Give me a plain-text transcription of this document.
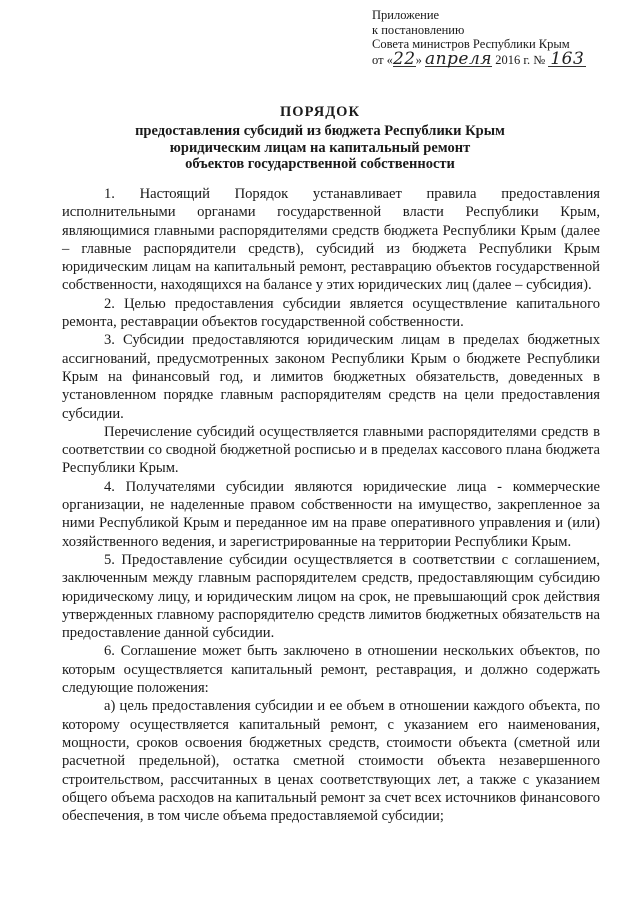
Приложение
к постановлению
Совета министров Республики Крым
от «22» апреля 2016 г. № 163
ПОРЯДОК
предоставления субсидий из бюджета Республики Крым
юридическим лицам на капитальный ремонт
объектов государственной собственности

1. Настоящий Порядок устанавливает правила предоставления исполнительными органами государственной власти Республики Крым, являющимися главными распорядителями средств бюджета Республики Крым (далее – главные распорядители средств), субсидий из бюджета Республики Крым юридическим лицам на капитальный ремонт, реставрацию объектов государственной собственности, находящихся на балансе у этих юридических лиц (далее – субсидия).

2. Целью предоставления субсидии является осуществление капитального ремонта, реставрации объектов государственной собственности.

3. Субсидии предоставляются юридическим лицам в пределах бюджетных ассигнований, предусмотренных законом Республики Крым о бюджете Республики Крым на финансовый год, и лимитов бюджетных обязательств, доведенных в установленном порядке главным распорядителям средств на цели предоставления субсидии.

Перечисление субсидий осуществляется главными распорядителями средств в соответствии со сводной бюджетной росписью и в пределах кассового плана бюджета Республики Крым.

4. Получателями субсидии являются юридические лица - коммерческие организации, не наделенные правом собственности на имущество, закрепленное за ними Республикой Крым и переданное им на праве оперативного управления и (или) хозяйственного ведения, и зарегистрированные на территории Республики Крым.

5. Предоставление субсидии осуществляется в соответствии с соглашением, заключенным между главным распорядителем средств, предоставляющим субсидию юридическому лицу, и юридическим лицом на срок, не превышающий срок действия утвержденных главному распорядителю средств лимитов бюджетных обязательств на предоставление данной субсидии.

6. Соглашение может быть заключено в отношении нескольких объектов, по которым осуществляется капитальный ремонт, реставрация, и должно содержать следующие положения:

а) цель предоставления субсидии и ее объем в отношении каждого объекта, по которому осуществляется капитальный ремонт, с указанием его наименования, мощности, сроков освоения бюджетных средств, стоимости объекта (сметной или расчетной предельной), остатка сметной стоимости объекта незавершенного строительством, рассчитанных в ценах соответствующих лет, а также с указанием общего объема расходов на капитальный ремонт за счет всех источников финансового обеспечения, в том числе объема предоставляемой субсидии;
